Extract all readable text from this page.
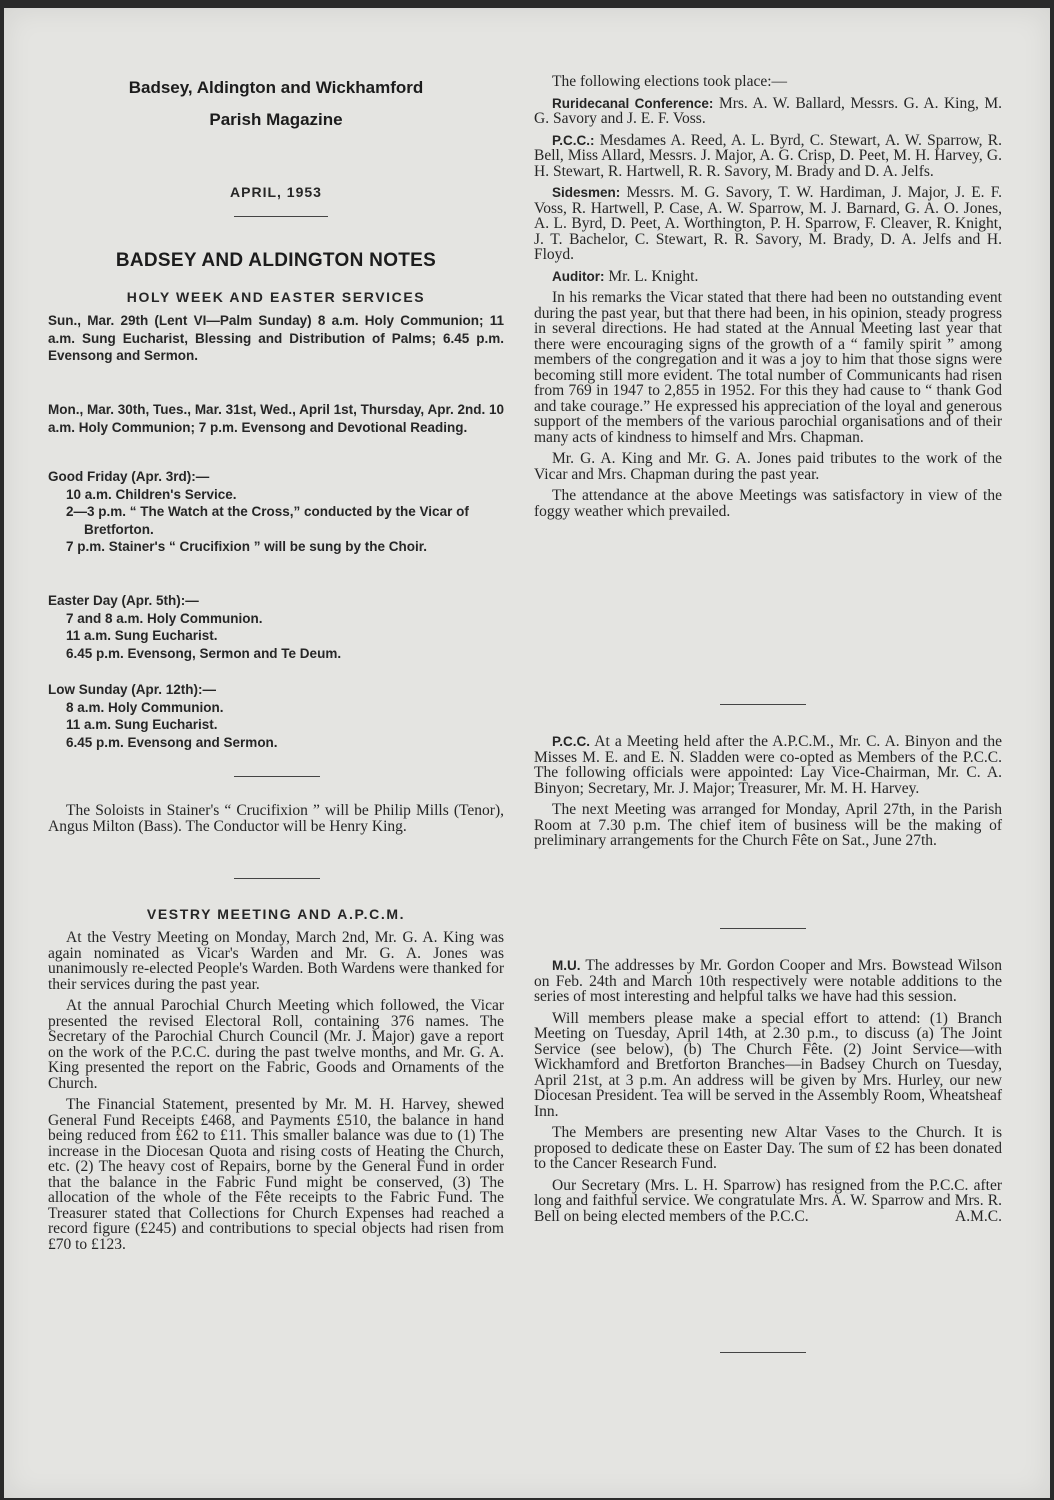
Badsey, Aldington and Wickhamford
Parish Magazine
APRIL, 1953
BADSEY AND ALDINGTON NOTES
HOLY WEEK AND EASTER SERVICES

Sun., Mar. 29th (Lent VI—Palm Sunday) 8 a.m. Holy Communion; 11 a.m. Sung Eucharist, Blessing and Distribution of Palms; 6.45 p.m. Evensong and Sermon.

Mon., Mar. 30th, Tues., Mar. 31st, Wed., April 1st, Thursday, Apr. 2nd. 10 a.m. Holy Communion; 7 p.m. Evensong and Devotional Reading.

Good Friday (Apr. 3rd):—

10 a.m. Children's Service.

2—3 p.m. “ The Watch at the Cross,” conducted by the Vicar of Bretforton.

7 p.m. Stainer's “ Crucifixion ” will be sung by the Choir.

Easter Day (Apr. 5th):—

7 and 8 a.m. Holy Communion.

11 a.m. Sung Eucharist.

6.45 p.m. Evensong, Sermon and Te Deum.

Low Sunday (Apr. 12th):—

8 a.m. Holy Communion.

11 a.m. Sung Eucharist.

6.45 p.m. Evensong and Sermon.

The Soloists in Stainer's “ Crucifixion ” will be Philip Mills (Tenor), Angus Milton (Bass). The Conductor will be Henry King.

VESTRY MEETING AND A.P.C.M.

At the Vestry Meeting on Monday, March 2nd, Mr. G. A. King was again nominated as Vicar's Warden and Mr. G. A. Jones was unanimously re-elected People's Warden. Both Wardens were thanked for their services during the past year.

At the annual Parochial Church Meeting which followed, the Vicar presented the revised Electoral Roll, containing 376 names. The Secretary of the Parochial Church Council (Mr. J. Major) gave a report on the work of the P.C.C. during the past twelve months, and Mr. G. A. King presented the report on the Fabric, Goods and Ornaments of the Church.

The Financial Statement, presented by Mr. M. H. Harvey, shewed General Fund Receipts £468, and Payments £510, the balance in hand being reduced from £62 to £11. This smaller balance was due to (1) The increase in the Diocesan Quota and rising costs of Heating the Church, etc. (2) The heavy cost of Repairs, borne by the General Fund in order that the balance in the Fabric Fund might be conserved, (3) The allocation of the whole of the Fête receipts to the Fabric Fund. The Treasurer stated that Collections for Church Expenses had reached a record figure (£245) and contributions to special objects had risen from £70 to £123.

The following elections took place:—

Ruridecanal Conference: Mrs. A. W. Ballard, Messrs. G. A. King, M. G. Savory and J. E. F. Voss.

P.C.C.: Mesdames A. Reed, A. L. Byrd, C. Stewart, A. W. Sparrow, R. Bell, Miss Allard, Messrs. J. Major, A. G. Crisp, D. Peet, M. H. Harvey, G. H. Stewart, R. Hartwell, R. R. Savory, M. Brady and D. A. Jelfs.

Sidesmen: Messrs. M. G. Savory, T. W. Hardiman, J. Major, J. E. F. Voss, R. Hartwell, P. Case, A. W. Sparrow, M. J. Barnard, G. A. O. Jones, A. L. Byrd, D. Peet, A. Worthington, P. H. Sparrow, F. Cleaver, R. Knight, J. T. Bachelor, C. Stewart, R. R. Savory, M. Brady, D. A. Jelfs and H. Floyd.

Auditor: Mr. L. Knight.

In his remarks the Vicar stated that there had been no outstanding event during the past year, but that there had been, in his opinion, steady progress in several directions. He had stated at the Annual Meeting last year that there were encouraging signs of the growth of a “ family spirit ” among members of the congregation and it was a joy to him that those signs were becoming still more evident. The total number of Communicants had risen from 769 in 1947 to 2,855 in 1952. For this they had cause to “ thank God and take courage.” He expressed his appreciation of the loyal and generous support of the members of the various parochial organisations and of their many acts of kindness to himself and Mrs. Chapman.

Mr. G. A. King and Mr. G. A. Jones paid tributes to the work of the Vicar and Mrs. Chapman during the past year.

The attendance at the above Meetings was satisfactory in view of the foggy weather which prevailed.

P.C.C. At a Meeting held after the A.P.C.M., Mr. C. A. Binyon and the Misses M. E. and E. N. Sladden were co-opted as Members of the P.C.C. The following officials were appointed: Lay Vice-Chairman, Mr. C. A. Binyon; Secretary, Mr. J. Major; Treasurer, Mr. M. H. Harvey.

The next Meeting was arranged for Monday, April 27th, in the Parish Room at 7.30 p.m. The chief item of business will be the making of preliminary arrangements for the Church Fête on Sat., June 27th.

M.U. The addresses by Mr. Gordon Cooper and Mrs. Bowstead Wilson on Feb. 24th and March 10th respectively were notable additions to the series of most interesting and helpful talks we have had this session.

Will members please make a special effort to attend: (1) Branch Meeting on Tuesday, April 14th, at 2.30 p.m., to discuss (a) The Joint Service (see below), (b) The Church Fête. (2) Joint Service—with Wickhamford and Bretforton Branches—in Badsey Church on Tuesday, April 21st, at 3 p.m. An address will be given by Mrs. Hurley, our new Diocesan President. Tea will be served in the Assembly Room, Wheatsheaf Inn.

The Members are presenting new Altar Vases to the Church. It is proposed to dedicate these on Easter Day. The sum of £2 has been donated to the Cancer Research Fund.

Our Secretary (Mrs. L. H. Sparrow) has resigned from the P.C.C. after long and faithful service. We congratulate Mrs. A. W. Sparrow and Mrs. R. Bell on being elected members of the P.C.C.	A.M.C.
